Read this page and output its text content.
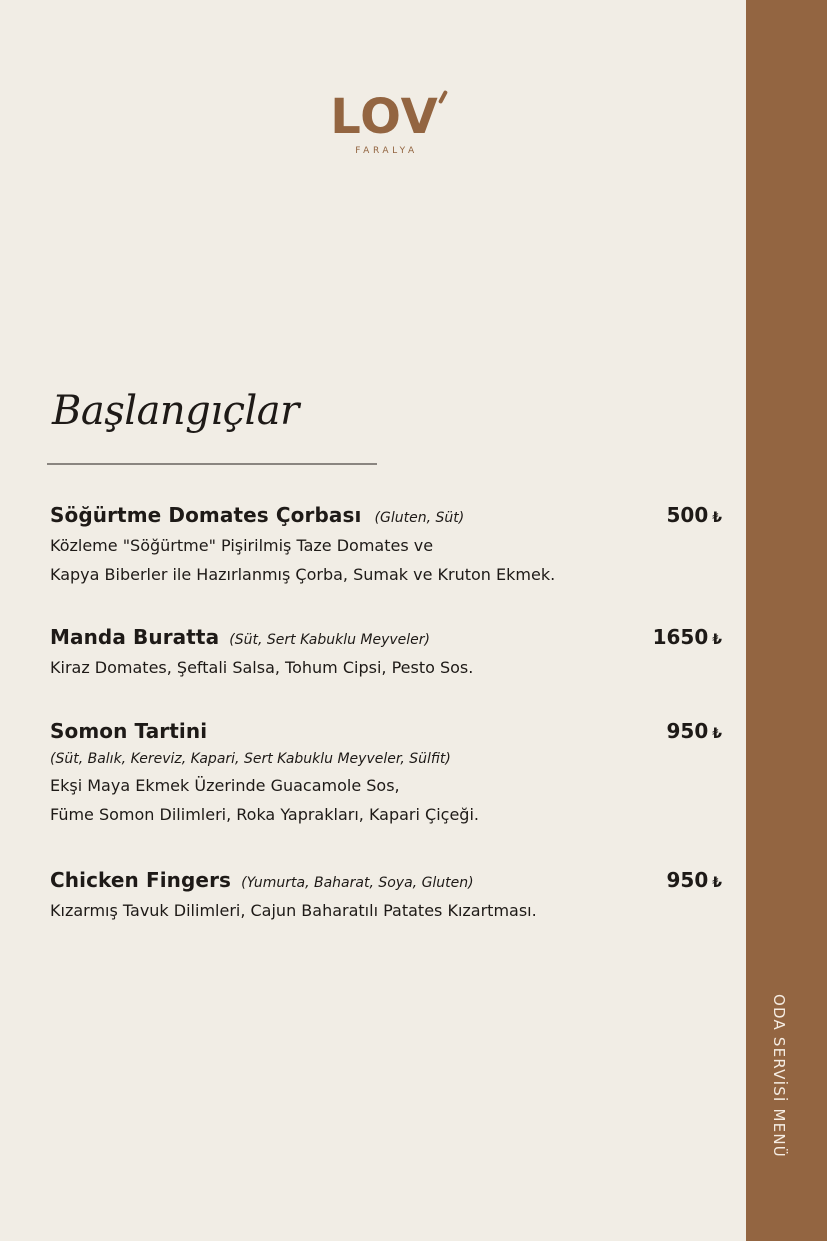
ODA SERVİSİ MENÜ
LOV
FARALYA
Başlangıçlar
Söğürtme Domates Çorbası (Gluten, Süt)	500 ₺
Közleme "Söğürtme" Pişirilmiş Taze Domates ve
Kapya Biberler ile Hazırlanmış Çorba, Sumak ve Kruton Ekmek.
Manda Buratta (Süt, Sert Kabuklu Meyveler)	1650 ₺
Kiraz Domates, Şeftali Salsa, Tohum Cipsi, Pesto Sos.
Somon Tartini	950 ₺
(Süt, Balık, Kereviz, Kapari, Sert Kabuklu Meyveler, Sülfit)
Ekşi Maya Ekmek Üzerinde Guacamole Sos,
Füme Somon Dilimleri, Roka Yaprakları, Kapari Çiçeği.
Chicken Fingers (Yumurta, Baharat, Soya, Gluten)	950 ₺
Kızarmış Tavuk Dilimleri, Cajun Baharatılı Patates Kızartması.
